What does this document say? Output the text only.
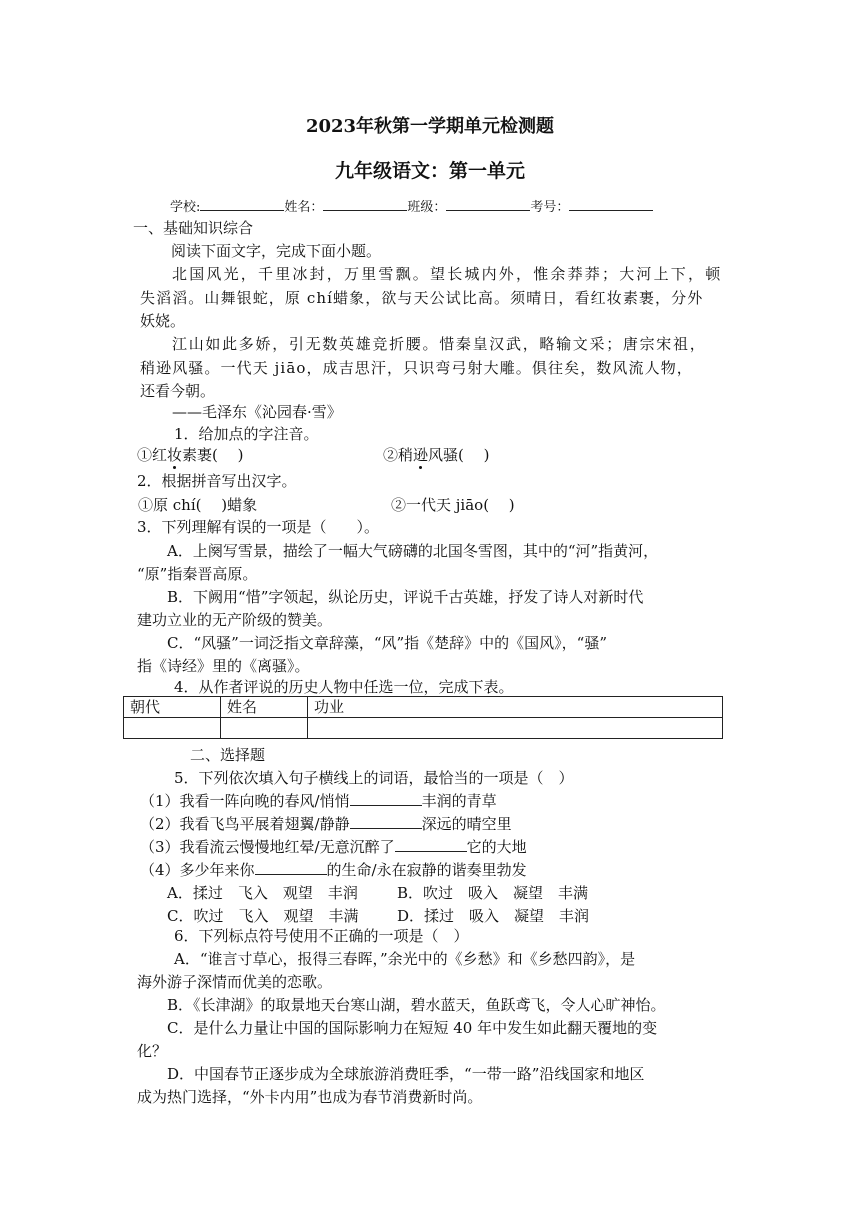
2023年秋第一学期单元检测题
九年级语文：第一单元
学校:	姓名：	班级：	考号：
一、基础知识综合
阅读下面文字，完成下面小题。
北国风光，千里冰封，万里雪飘。望长城内外，惟余莽莽；大河上下，顿
失滔滔。山舞银蛇，原 chí蜡象，欲与天公试比高。须晴日，看红妆素裹，分外
妖娆。
江山如此多娇，引无数英雄竞折腰。惜秦皇汉武，略输文采；唐宗宋祖，
稍逊风骚。一代天 jiāo，成吉思汗，只识弯弓射大雕。俱往矣，数风流人物，
还看今朝。
——毛泽东《沁园春·雪》
1．给加点的字注音。
①红妆素裹(　 )	②稍逊风骚(　 )
2．根据拼音写出汉字。
①原 chí(　 )蜡象	②一代天 jiāo(　 )
3．下列理解有误的一项是（　　）。
A．上阕写雪景，描绘了一幅大气磅礴的北国冬雪图，其中的“河”指黄河，
“原”指秦晋高原。
B．下阙用“惜”字领起，纵论历史，评说千古英雄，抒发了诗人对新时代
建功立业的无产阶级的赞美。
C．“风骚”一词泛指文章辞藻，“风”指《楚辞》中的《国风》，“骚”
指《诗经》里的《离骚》。
4．从作者评说的历史人物中任选一位，完成下表。
朝代	姓名	功业

二、选择题
5．下列依次填入句子横线上的词语，最恰当的一项是（　）
（1）我看一阵向晚的春风/悄悄	丰润的青草
（2）我看飞鸟平展着翅翼/静静	深远的晴空里
（3）我看流云慢慢地红晕/无意沉醉了	它的大地
（4）多少年来你	的生命/永在寂静的谐奏里勃发
A．揉过　飞入　观望　丰润	B．吹过　吸入　凝望　丰满
C．吹过　飞入　观望　丰满	D．揉过　吸入　凝望　丰润
6．下列标点符号使用不正确的一项是（　）
A．“谁言寸草心，报得三春晖，”余光中的《乡愁》和《乡愁四韵》，是
海外游子深情而优美的恋歌。
B．《长津湖》的取景地天台寒山湖，碧水蓝天，鱼跃鸢飞，令人心旷神怡。
C．是什么力量让中国的国际影响力在短短 40 年中发生如此翻天覆地的变
化？
D．中国春节正逐步成为全球旅游消费旺季，“一带一路”沿线国家和地区
成为热门选择，“外卡内用”也成为春节消费新时尚。
